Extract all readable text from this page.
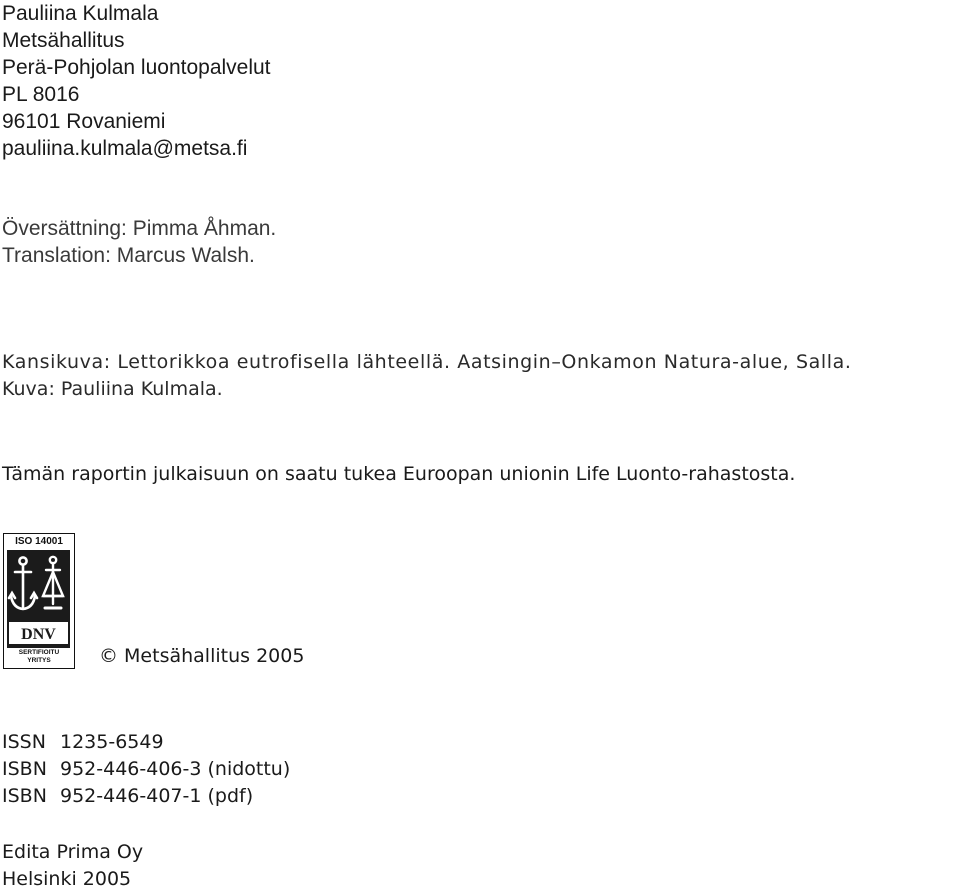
Pauliina Kulmala
Metsähallitus
Perä-Pohjolan luontopalvelut
PL 8016
96101 Rovaniemi
pauliina.kulmala@metsa.fi
Översättning: Pimma Åhman.
Translation: Marcus Walsh.
Kansikuva: Lettorikkoa eutrofisella lähteellä. Aatsingin–Onkamon Natura-alue, Salla.
Kuva: Pauliina Kulmala.
Tämän raportin julkaisuun on saatu tukea Euroopan unionin Life Luonto-rahastosta.
ISO 14001
DNV
SERTIFIOITU
YRITYS	© Metsähallitus 2005
ISSN 1235-6549
ISBN 952-446-406-3 (nidottu)
ISBN 952-446-407-1 (pdf)
Edita Prima Oy
Helsinki 2005
